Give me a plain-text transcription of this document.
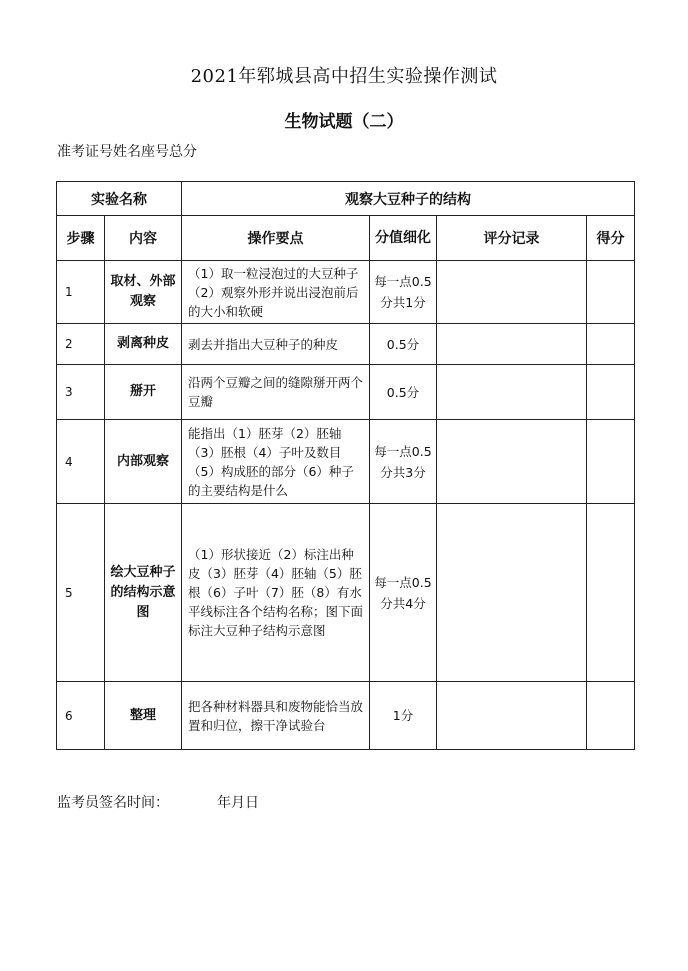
2021年郓城县高中招生实验操作测试
生物试题（二）
准考证号姓名座号总分
实验名称		观察大豆种子的结构			
步骤	内容	操作要点	分值细化	评分记录	得分
1	取材、外部观察	（1）取一粒浸泡过的大豆种子（2）观察外形并说出浸泡前后的大小和软硬	每一点0.5分共1分		
2	剥离种皮	剥去并指出大豆种子的种皮	0.5分		
3	掰开	沿两个豆瓣之间的缝隙掰开两个豆瓣	0.5分		
4	内部观察	能指出（1）胚芽（2）胚轴（3）胚根（4）子叶及数目（5）构成胚的部分（6）种子的主要结构是什么	每一点0.5分共3分		
5	绘大豆种子的结构示意图	（1）形状接近（2）标注出种皮（3）胚芽（4）胚轴（5）胚根（6）子叶（7）胚（8）有水平线标注各个结构名称；图下面标注大豆种子结构示意图	每一点0.5分共4分		
6	整理	把各种材料器具和废物能恰当放置和归位，擦干净试验台	1分		
监考员签名时间：	年月日
